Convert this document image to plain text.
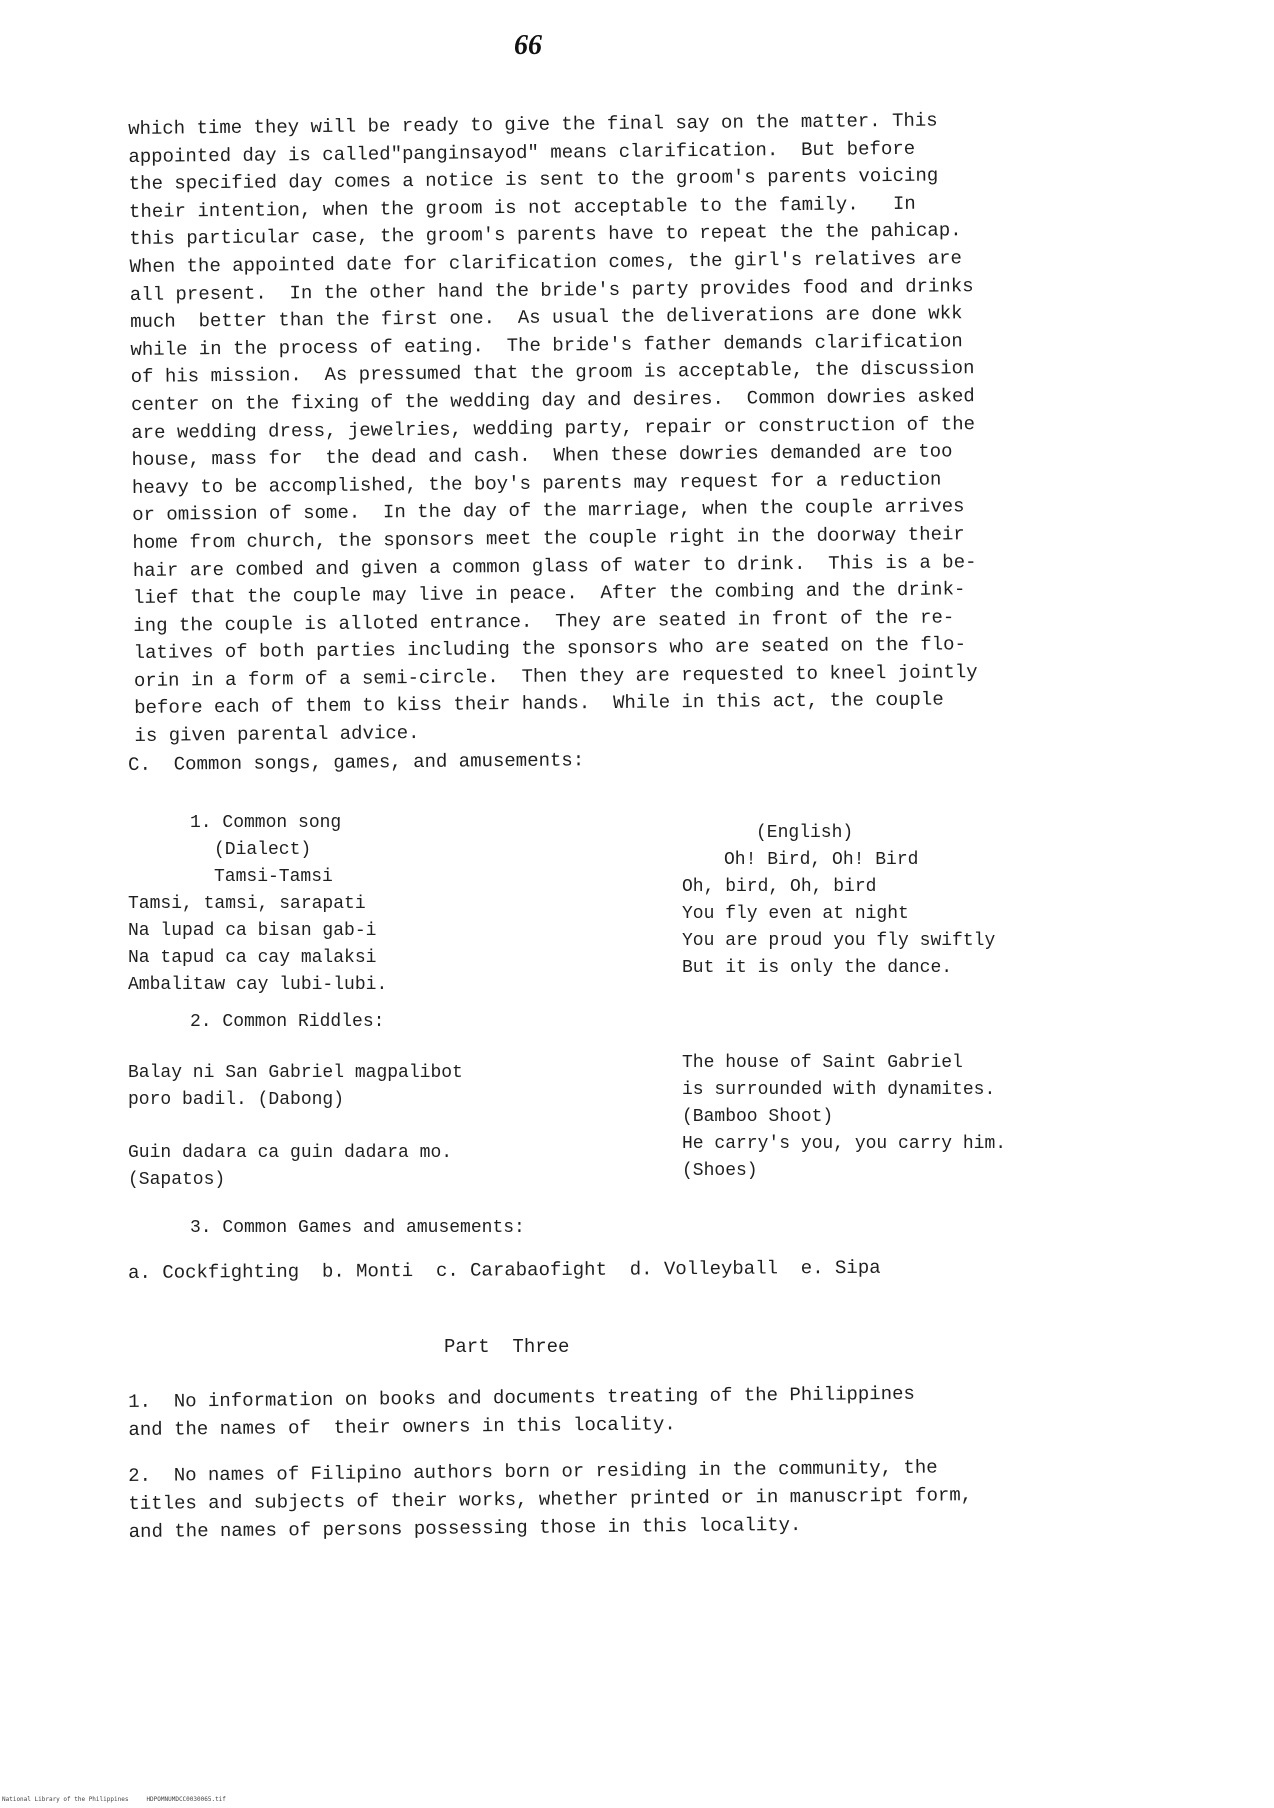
66
which time they will be ready to give the final say on the matter. This
appointed day is called"panginsayod" means clarification.  But before
the specified day comes a notice is sent to the groom's parents voicing
their intention, when the groom is not acceptable to the family.   In
this particular case, the groom's parents have to repeat the the pahicap.
When the appointed date for clarification comes, the girl's relatives are
all present.  In the other hand the bride's party provides food and drinks
much  better than the first one.  As usual the deliverations are done wkk
while in the process of eating.  The bride's father demands clarification
of his mission.  As pressumed that the groom is acceptable, the discussion
center on the fixing of the wedding day and desires.  Common dowries asked
are wedding dress, jewelries, wedding party, repair or construction of the
house, mass for  the dead and cash.  When these dowries demanded are too
heavy to be accomplished, the boy's parents may request for a reduction
or omission of some.  In the day of the marriage, when the couple arrives
home from church, the sponsors meet the couple right in the doorway their
hair are combed and given a common glass of water to drink.  This is a be-
lief that the couple may live in peace.  After the combing and the drink-
ing the couple is alloted entrance.  They are seated in front of the re-
latives of both parties including the sponsors who are seated on the flo-
orin in a form of a semi-circle.  Then they are requested to kneel jointly
before each of them to kiss their hands.  While in this act, the couple
is given parental advice.
C.  Common songs, games, and amusements:
1. Common song
(Dialect)
Tamsi-Tamsi
Tamsi, tamsi, sarapati
Na lupad ca bisan gab-i
Na tapud ca cay malaksi
Ambalitaw cay lubi-lubi.
(English)
Oh! Bird, Oh! Bird
Oh, bird, Oh, bird
You fly even at night
You are proud you fly swiftly
But it is only the dance.
2. Common Riddles:
Balay ni San Gabriel magpalibot
poro badil. (Dabong)
Guin dadara ca guin dadara mo.
(Sapatos)
The house of Saint Gabriel
is surrounded with dynamites.
(Bamboo Shoot)
He carry's you, you carry him.
(Shoes)
3. Common Games and amusements:
a. Cockfighting  b. Monti  c. Carabaofight  d. Volleyball  e. Sipa
Part  Three
1. No information on books and documents treating of the Philippines
and the names of  their owners in this locality.
2. No names of Filipino authors born or residing in the community, the
titles and subjects of their works, whether printed or in manuscript form,
and the names of persons possessing those in this locality.
National Library of the Philippines	HDPOMNUMDCC0030065.tif
